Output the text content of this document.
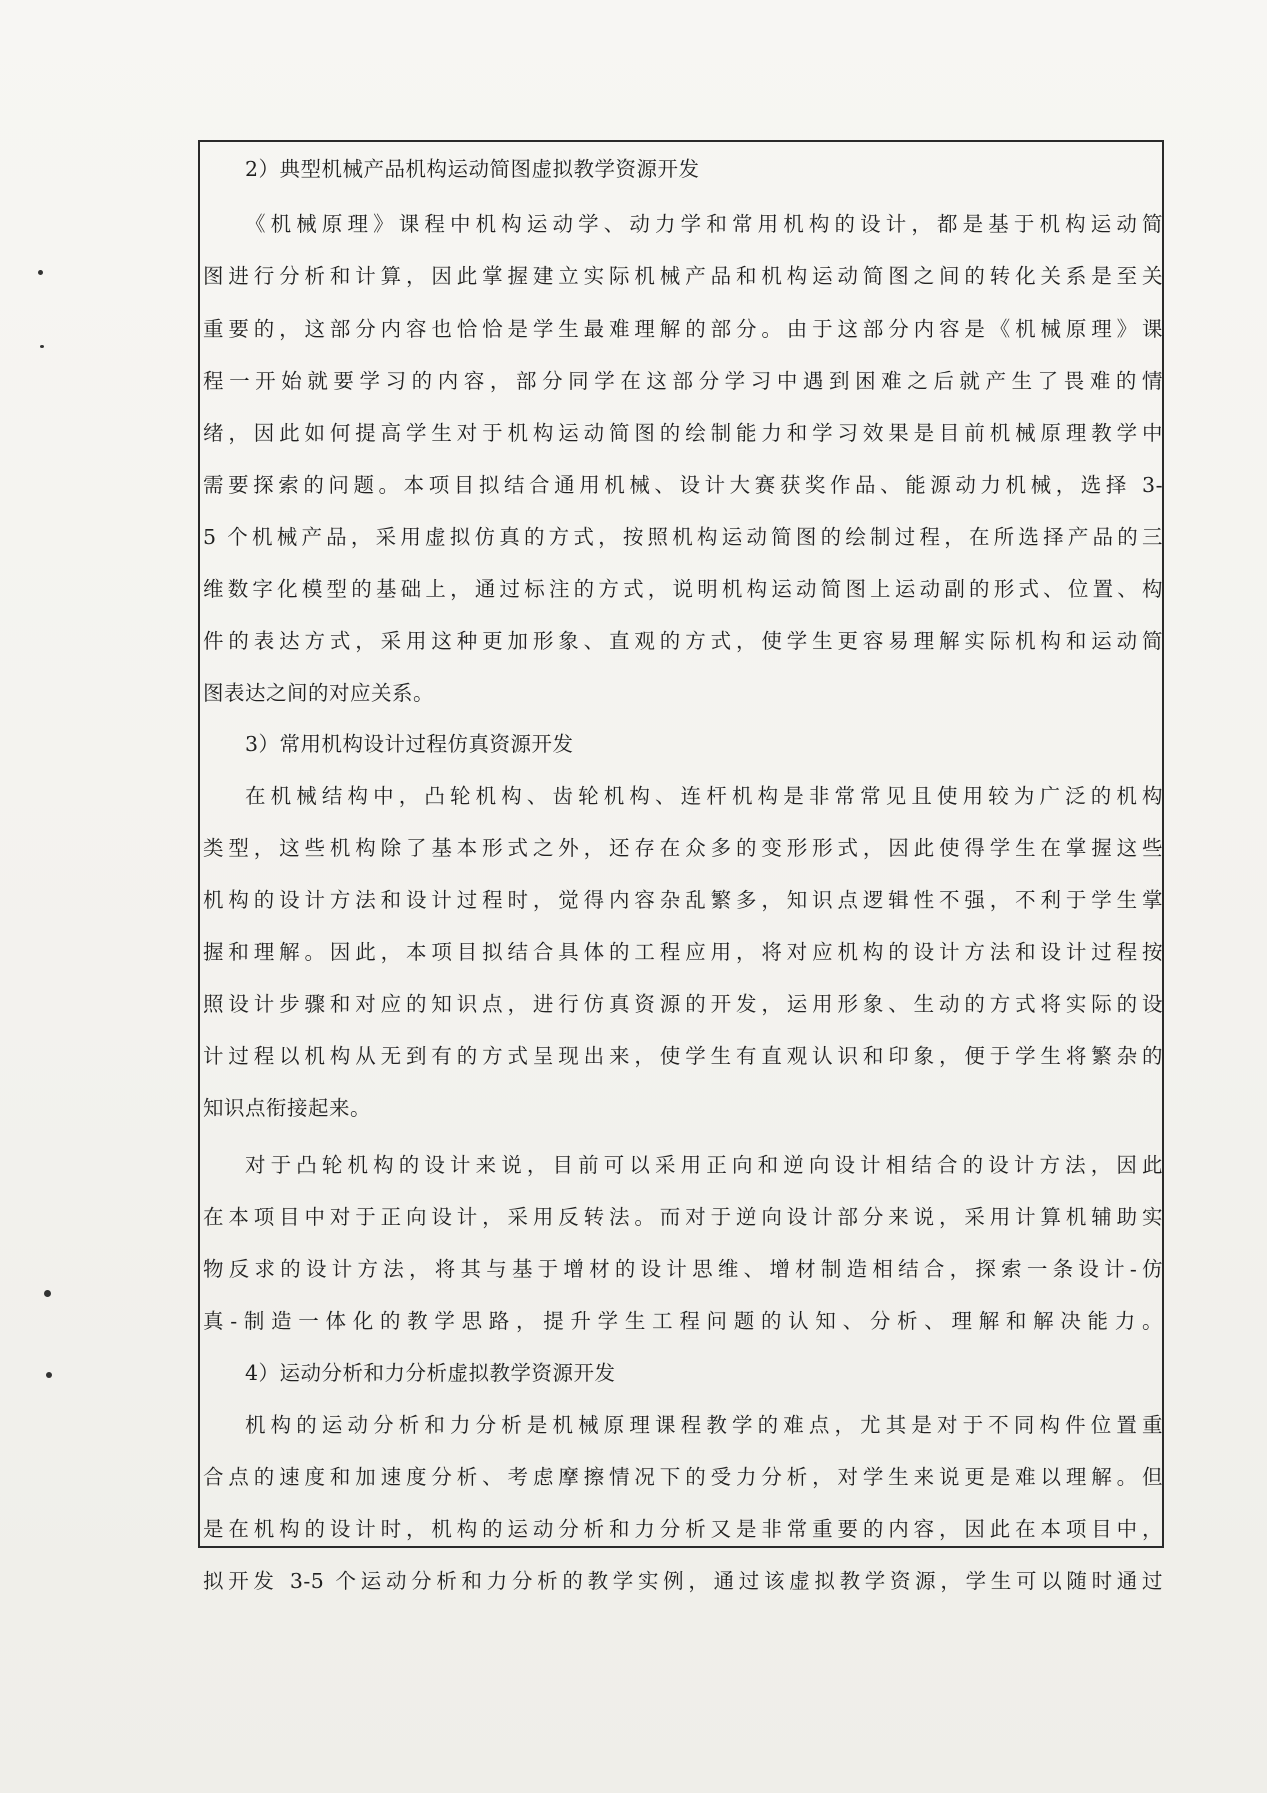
2）典型机械产品机构运动简图虚拟教学资源开发
《机械原理》课程中机构运动学、动力学和常用机构的设计，都是基于机构运动简
图进行分析和计算，因此掌握建立实际机械产品和机构运动简图之间的转化关系是至关
重要的，这部分内容也恰恰是学生最难理解的部分。由于这部分内容是《机械原理》课
程一开始就要学习的内容，部分同学在这部分学习中遇到困难之后就产生了畏难的情
绪，因此如何提高学生对于机构运动简图的绘制能力和学习效果是目前机械原理教学中
需要探索的问题。本项目拟结合通用机械、设计大赛获奖作品、能源动力机械，选择 3-
5 个机械产品，采用虚拟仿真的方式，按照机构运动简图的绘制过程，在所选择产品的三
维数字化模型的基础上，通过标注的方式，说明机构运动简图上运动副的形式、位置、构
件的表达方式，采用这种更加形象、直观的方式，使学生更容易理解实际机构和运动简
图表达之间的对应关系。
3）常用机构设计过程仿真资源开发
在机械结构中，凸轮机构、齿轮机构、连杆机构是非常常见且使用较为广泛的机构
类型，这些机构除了基本形式之外，还存在众多的变形形式，因此使得学生在掌握这些
机构的设计方法和设计过程时，觉得内容杂乱繁多，知识点逻辑性不强，不利于学生掌
握和理解。因此，本项目拟结合具体的工程应用，将对应机构的设计方法和设计过程按
照设计步骤和对应的知识点，进行仿真资源的开发，运用形象、生动的方式将实际的设
计过程以机构从无到有的方式呈现出来，使学生有直观认识和印象，便于学生将繁杂的
知识点衔接起来。
对于凸轮机构的设计来说，目前可以采用正向和逆向设计相结合的设计方法，因此
在本项目中对于正向设计，采用反转法。而对于逆向设计部分来说，采用计算机辅助实
物反求的设计方法，将其与基于增材的设计思维、增材制造相结合，探索一条设计-仿
真-制造一体化的教学思路，提升学生工程问题的认知、分析、理解和解决能力。
4）运动分析和力分析虚拟教学资源开发
机构的运动分析和力分析是机械原理课程教学的难点，尤其是对于不同构件位置重
合点的速度和加速度分析、考虑摩擦情况下的受力分析，对学生来说更是难以理解。但
是在机构的设计时，机构的运动分析和力分析又是非常重要的内容，因此在本项目中，
拟开发 3-5 个运动分析和力分析的教学实例，通过该虚拟教学资源，学生可以随时通过
